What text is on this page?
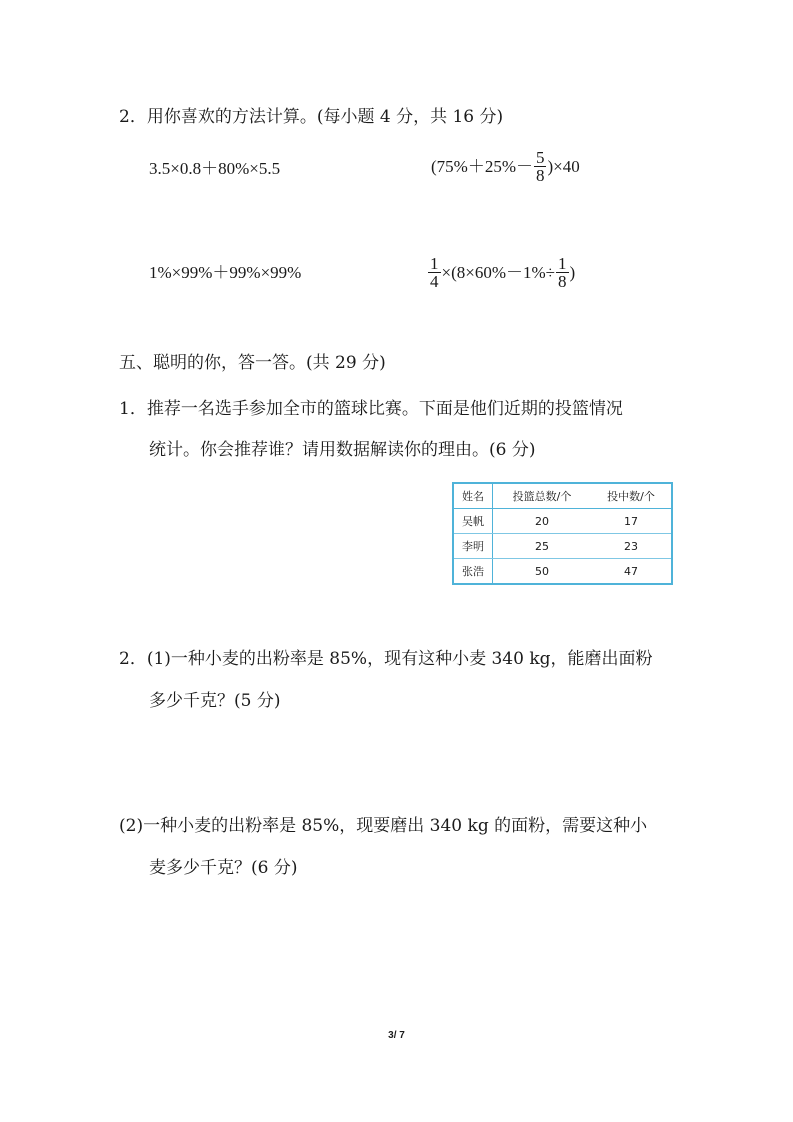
2．用你喜欢的方法计算。(每小题 4 分，共 16 分)
3.5×0.8＋80%×5.5	$(75\%+25\%- \frac{5}{8} )\times 40$
1%×99%＋99%×99%	$\frac{1}{4} \times(8\times 60\%-1\%\div \frac{1}{8}$ )
五、聪明的你，答一答。(共 29 分)
1．推荐一名选手参加全市的篮球比赛。下面是他们近期的投篮情况
统计。你会推荐谁？请用数据解读你的理由。(6 分)
姓名	投篮总数/个	投中数/个
吴帆	20	17
李明	25	23
张浩	50	47
2．(1)一种小麦的出粉率是 85%，现有这种小麦 340 kg，能磨出面粉
多少千克？(5 分)
(2)一种小麦的出粉率是 85%，现要磨出 340 kg 的面粉，需要这种小
麦多少千克？(6 分)
3/ 7
